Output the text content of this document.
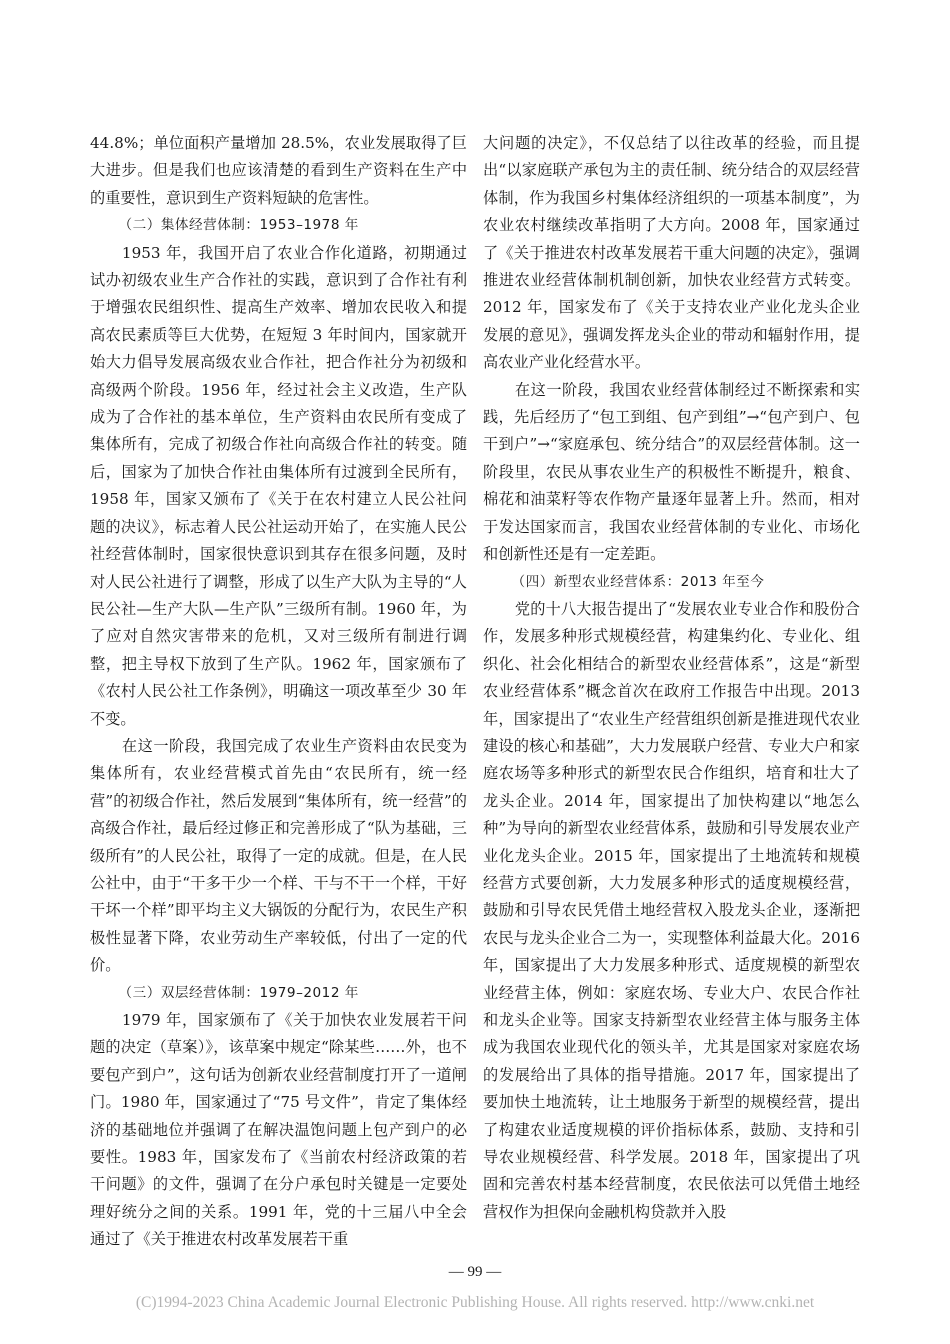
44.8%；单位面积产量增加 28.5%，农业发展取得了巨大进步。但是我们也应该清楚的看到生产资料在生产中的重要性，意识到生产资料短缺的危害性。

（二）集体经营体制：1953–1978 年

1953 年，我国开启了农业合作化道路，初期通过试办初级农业生产合作社的实践，意识到了合作社有利于增强农民组织性、提高生产效率、增加农民收入和提高农民素质等巨大优势，在短短 3 年时间内，国家就开始大力倡导发展高级农业合作社，把合作社分为初级和高级两个阶段。1956 年，经过社会主义改造，生产队成为了合作社的基本单位，生产资料由农民所有变成了集体所有，完成了初级合作社向高级合作社的转变。随后，国家为了加快合作社由集体所有过渡到全民所有，1958 年，国家又颁布了《关于在农村建立人民公社问题的决议》，标志着人民公社运动开始了，在实施人民公社经营体制时，国家很快意识到其存在很多问题，及时对人民公社进行了调整，形成了以生产大队为主导的“人民公社—生产大队—生产队”三级所有制。1960 年，为了应对自然灾害带来的危机，又对三级所有制进行调整，把主导权下放到了生产队。1962 年，国家颁布了《农村人民公社工作条例》，明确这一项改革至少 30 年不变。

在这一阶段，我国完成了农业生产资料由农民变为集体所有，农业经营模式首先由“农民所有，统一经营”的初级合作社，然后发展到“集体所有，统一经营”的高级合作社，最后经过修正和完善形成了“队为基础，三级所有”的人民公社，取得了一定的成就。但是，在人民公社中，由于“干多干少一个样、干与不干一个样，干好干坏一个样”即平均主义大锅饭的分配行为，农民生产积极性显著下降，农业劳动生产率较低，付出了一定的代价。

（三）双层经营体制：1979–2012 年

1979 年，国家颁布了《关于加快农业发展若干问题的决定（草案）》，该草案中规定“除某些……外，也不要包产到户”，这句话为创新农业经营制度打开了一道闸门。1980 年，国家通过了“75 号文件”，肯定了集体经济的基础地位并强调了在解决温饱问题上包产到户的必要性。1983 年，国家发布了《当前农村经济政策的若干问题》的文件，强调了在分户承包时关键是一定要处理好统分之间的关系。1991 年，党的十三届八中全会通过了《关于推进农村改革发展若干重

大问题的决定》，不仅总结了以往改革的经验，而且提出“以家庭联产承包为主的责任制、统分结合的双层经营体制，作为我国乡村集体经济组织的一项基本制度”，为农业农村继续改革指明了大方向。2008 年，国家通过了《关于推进农村改革发展若干重大问题的决定》，强调推进农业经营体制机制创新，加快农业经营方式转变。2012 年，国家发布了《关于支持农业产业化龙头企业发展的意见》，强调发挥龙头企业的带动和辐射作用，提高农业产业化经营水平。

在这一阶段，我国农业经营体制经过不断探索和实践，先后经历了“包工到组、包产到组”→“包产到户、包干到户”→“家庭承包、统分结合”的双层经营体制。这一阶段里，农民从事农业生产的积极性不断提升，粮食、棉花和油菜籽等农作物产量逐年显著上升。然而，相对于发达国家而言，我国农业经营体制的专业化、市场化和创新性还是有一定差距。

（四）新型农业经营体系：2013 年至今

党的十八大报告提出了“发展农业专业合作和股份合作，发展多种形式规模经营，构建集约化、专业化、组织化、社会化相结合的新型农业经营体系”，这是“新型农业经营体系”概念首次在政府工作报告中出现。2013 年，国家提出了“农业生产经营组织创新是推进现代农业建设的核心和基础”，大力发展联户经营、专业大户和家庭农场等多种形式的新型农民合作组织，培育和壮大了龙头企业。2014 年，国家提出了加快构建以“地怎么种”为导向的新型农业经营体系，鼓励和引导发展农业产业化龙头企业。2015 年，国家提出了土地流转和规模经营方式要创新，大力发展多种形式的适度规模经营，鼓励和引导农民凭借土地经营权入股龙头企业，逐渐把农民与龙头企业合二为一，实现整体利益最大化。2016 年，国家提出了大力发展多种形式、适度规模的新型农业经营主体，例如：家庭农场、专业大户、农民合作社和龙头企业等。国家支持新型农业经营主体与服务主体成为我国农业现代化的领头羊，尤其是国家对家庭农场的发展给出了具体的指导措施。2017 年，国家提出了要加快土地流转，让土地服务于新型的规模经营，提出了构建农业适度规模的评价指标体系，鼓励、支持和引导农业规模经营、科学发展。2018 年，国家提出了巩固和完善农村基本经营制度，农民依法可以凭借土地经营权作为担保向金融机构贷款并入股

— 99 —
(C)1994-2023 China Academic Journal Electronic Publishing House. All rights reserved. http://www.cnki.net
